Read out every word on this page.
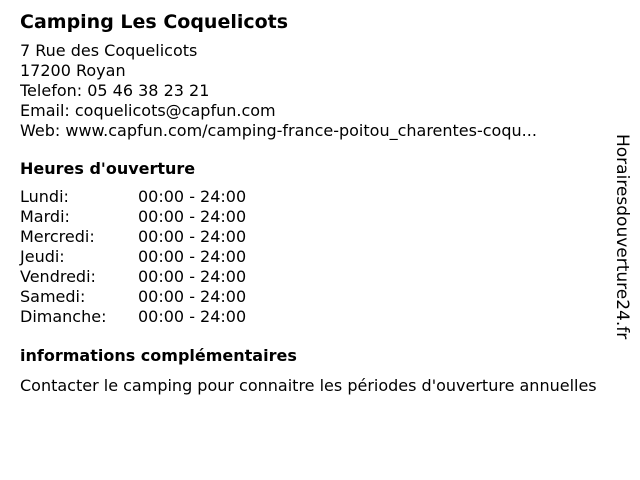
Camping Les Coquelicots
7 Rue des Coquelicots
17200 Royan
Telefon: 05 46 38 23 21
Email: coquelicots@capfun.com
Web: www.capfun.com/camping-france-poitou_charentes-coqu...
Heures d'ouverture
Lundi:	00:00 - 24:00
Mardi:	00:00 - 24:00
Mercredi:	00:00 - 24:00
Jeudi:	00:00 - 24:00
Vendredi:	00:00 - 24:00
Samedi:	00:00 - 24:00
Dimanche:	00:00 - 24:00
informations complémentaires
Contacter le camping pour connaitre les périodes d'ouverture annuelles
Horairesdouverture24.fr
